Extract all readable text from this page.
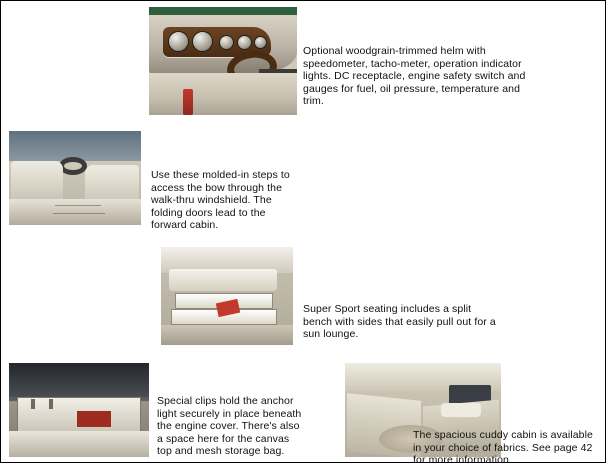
Optional woodgrain-trimmed helm with speedometer, tacho-meter, operation indicator lights. DC receptacle, engine safety switch and gauges for fuel, oil pressure, temperature and trim.
Use these molded-in steps to access the bow through the walk-thru windshield. The folding doors lead to the forward cabin.
Super Sport seating includes a split bench with sides that easily pull out for a sun lounge.
Special clips hold the anchor light securely in place beneath the engine cover. There's also a space here for the canvas top and mesh storage bag.
The spacious cuddy cabin is available in your choice of fabrics. See page 42 for more information.
